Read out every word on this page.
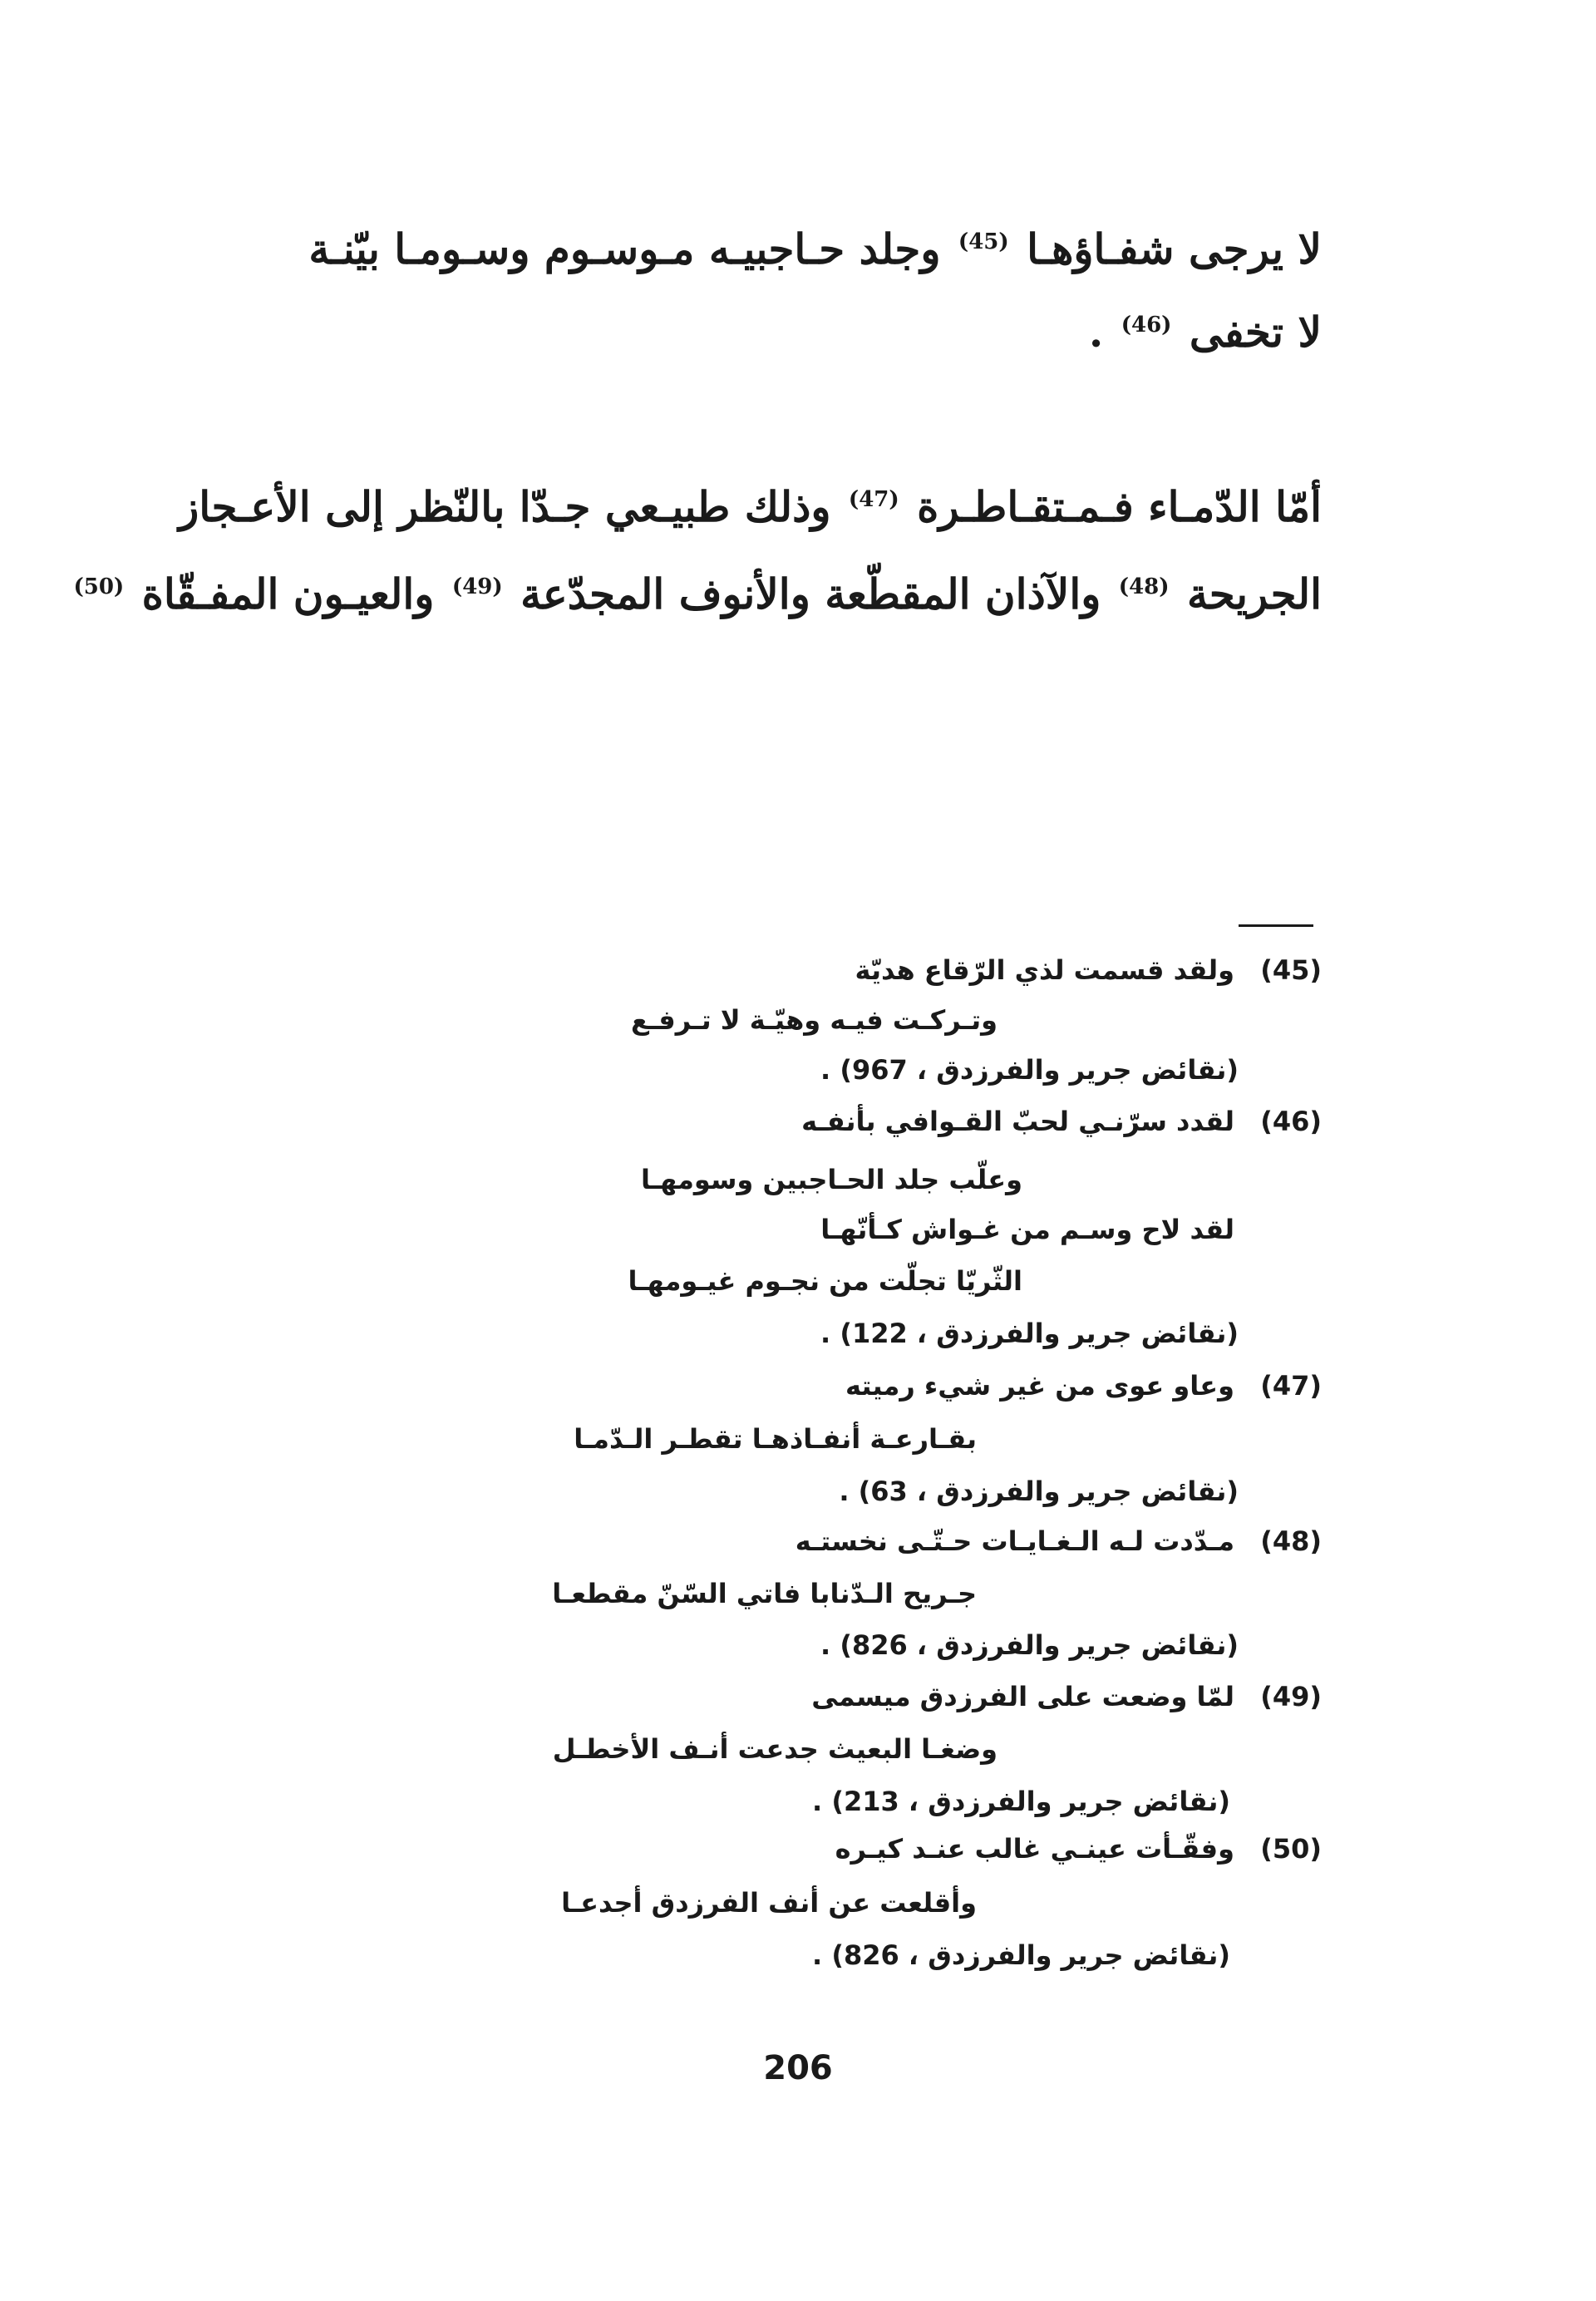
لا يرجى شفـاؤهـا $^{(45)}$ وجلد حـاجبيـه مـوسـوم وسـومـا بيّنـة
لا تخفى $^{(46)}$ .
أمّا الدّمـاء فـمـتقـاطـرة $^{(47)}$ وذلك طبيـعي جـدّا بالنّظر إلى الأعـجاز
الجريحة $^{(48)}$ والآذان المقطّعة والأنوف المجدّعة $^{(49)}$ والعيـون المفـقّاة $^{(50)}$
(45)
ولقد قسمت لذي الرّقاع هديّة
وتـركـت فيـه وهيّـة لا تـرفـع
(نقائض جرير والفرزدق ، 967) .
(46)
لقدد سرّنـي لحبّ القـوافي بأنفـه
وعلّب جلد الحـاجبين وسومهـا
لقد لاح وسـم من غـواش كـأنّهـا
الثّريّا تجلّت من نجـوم غيـومهـا
(نقائض جرير والفرزدق ، 122) .
(47)
وعاو عوى من غير شيء رميته
بقـارعـة أنفـاذهـا تقطـر الـدّمـا
(نقائض جرير والفرزدق ، 63) .
(48)
مـدّدت لـه الـغـايـات حـتّـى نخستـه
جـريح الـدّنابا فاتي السّنّ مقطعـا
(نقائض جرير والفرزدق ، 826) .
(49)
لمّا وضعت على الفرزدق ميسمى
وضغـا البعيث جدعت أنـف الأخطـل
(نقائض جرير والفرزدق ، 213) .
(50)
وفقّـأت عينـي غالب عنـد كيـره
وأقلعت عن أنف الفرزدق أجدعـا
(نقائض جرير والفرزدق ، 826) .
206
